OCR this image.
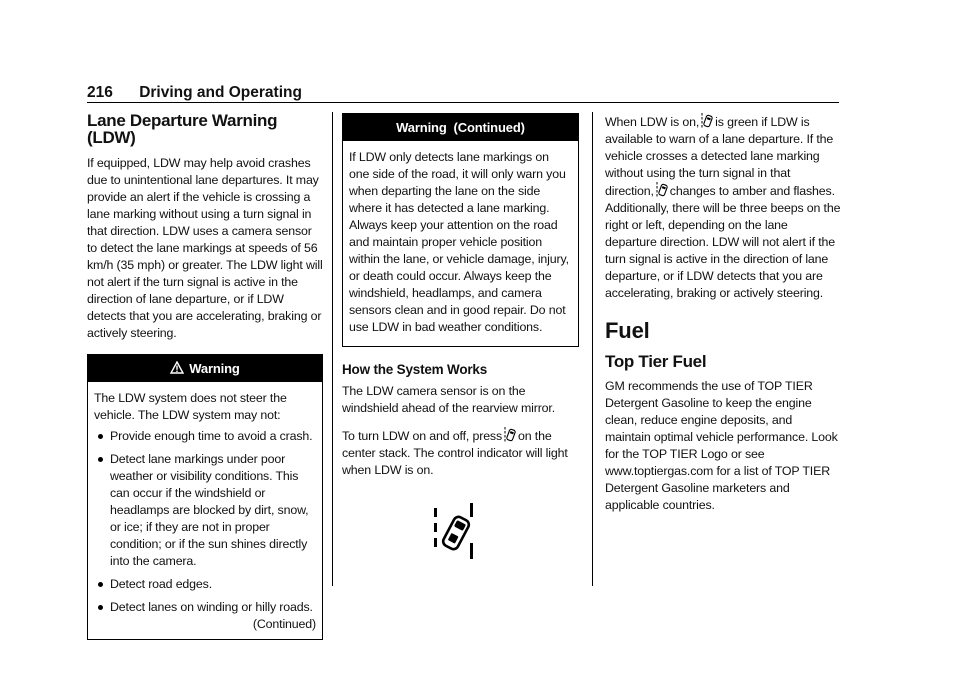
216 Driving and Operating
Lane Departure Warning (LDW)

If equipped, LDW may help avoid crashes due to unintentional lane departures. It may provide an alert if the vehicle is crossing a lane marking without using a turn signal in that direction. LDW uses a camera sensor to detect the lane markings at speeds of 56 km/h (35 mph) or greater. The LDW light will not alert if the turn signal is active in the direction of lane departure, or if LDW detects that you are accelerating, braking or actively steering.

Warning

The LDW system does not steer the vehicle. The LDW system may not:

Provide enough time to avoid a crash.
Detect lane markings under poor weather or visibility conditions. This can occur if the windshield or headlamps are blocked by dirt, snow, or ice; if they are not in proper condition; or if the sun shines directly into the camera.
Detect road edges.
Detect lanes on winding or hilly roads.
(Continued)
Warning  (Continued)

If LDW only detects lane markings on one side of the road, it will only warn you when departing the lane on the side where it has detected a lane marking. Always keep your attention on the road and maintain proper vehicle position within the lane, or vehicle damage, injury, or death could occur. Always keep the windshield, headlamps, and camera sensors clean and in good repair. Do not use LDW in bad weather conditions.

How the System Works

The LDW camera sensor is on the windshield ahead of the rearview mirror.

To turn LDW on and off, press on the center stack. The control indicator will light when LDW is on.

When LDW is on, is green if LDW is available to warn of a lane departure. If the vehicle crosses a detected lane marking without using the turn signal in that direction, changes to amber and flashes. Additionally, there will be three beeps on the right or left, depending on the lane departure direction. LDW will not alert if the turn signal is active in the direction of lane departure, or if LDW detects that you are accelerating, braking or actively steering.

Fuel
Top Tier Fuel

GM recommends the use of TOP TIER Detergent Gasoline to keep the engine clean, reduce engine deposits, and maintain optimal vehicle performance. Look for the TOP TIER Logo or see www.toptiergas.com for a list of TOP TIER Detergent Gasoline marketers and applicable countries.
